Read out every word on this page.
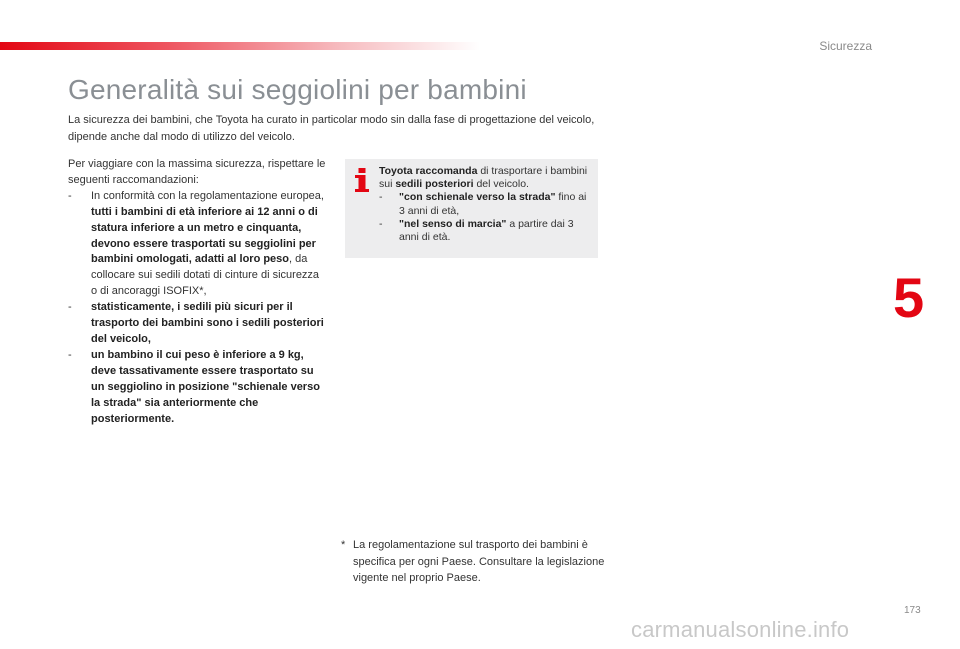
Sicurezza
5
Generalità sui seggiolini per bambini
La sicurezza dei bambini, che Toyota ha curato in particolar modo sin dalla fase di progettazione del veicolo, dipende anche dal modo di utilizzo del veicolo.

Per viaggiare con la massima sicurezza, rispettare le seguenti raccomandazioni:

-	In conformità con la regolamentazione europea, tutti i bambini di età inferiore ai 12 anni o di statura inferiore a un metro e cinquanta, devono essere trasportati su seggiolini per bambini omologati, adatti al loro peso, da collocare sui sedili dotati di cinture di sicurezza o di ancoraggi ISOFIX*,
-	statisticamente, i sedili più sicuri per il trasporto dei bambini sono i sedili posteriori del veicolo,
-	un bambino il cui peso è inferiore a 9 kg, deve tassativamente essere trasportato su un seggiolino in posizione "schienale verso la strada" sia anteriormente che posteriormente.

Toyota raccomanda di trasportare i bambini sui sedili posteriori del veicolo.

-	"con schienale verso la strada" fino ai 3 anni di età,
-	"nel senso di marcia" a partire dai 3 anni di età.
* La regolamentazione sul trasporto dei bambini è specifica per ogni Paese. Consultare la legislazione vigente nel proprio Paese.
173
carmanualsonline.info
